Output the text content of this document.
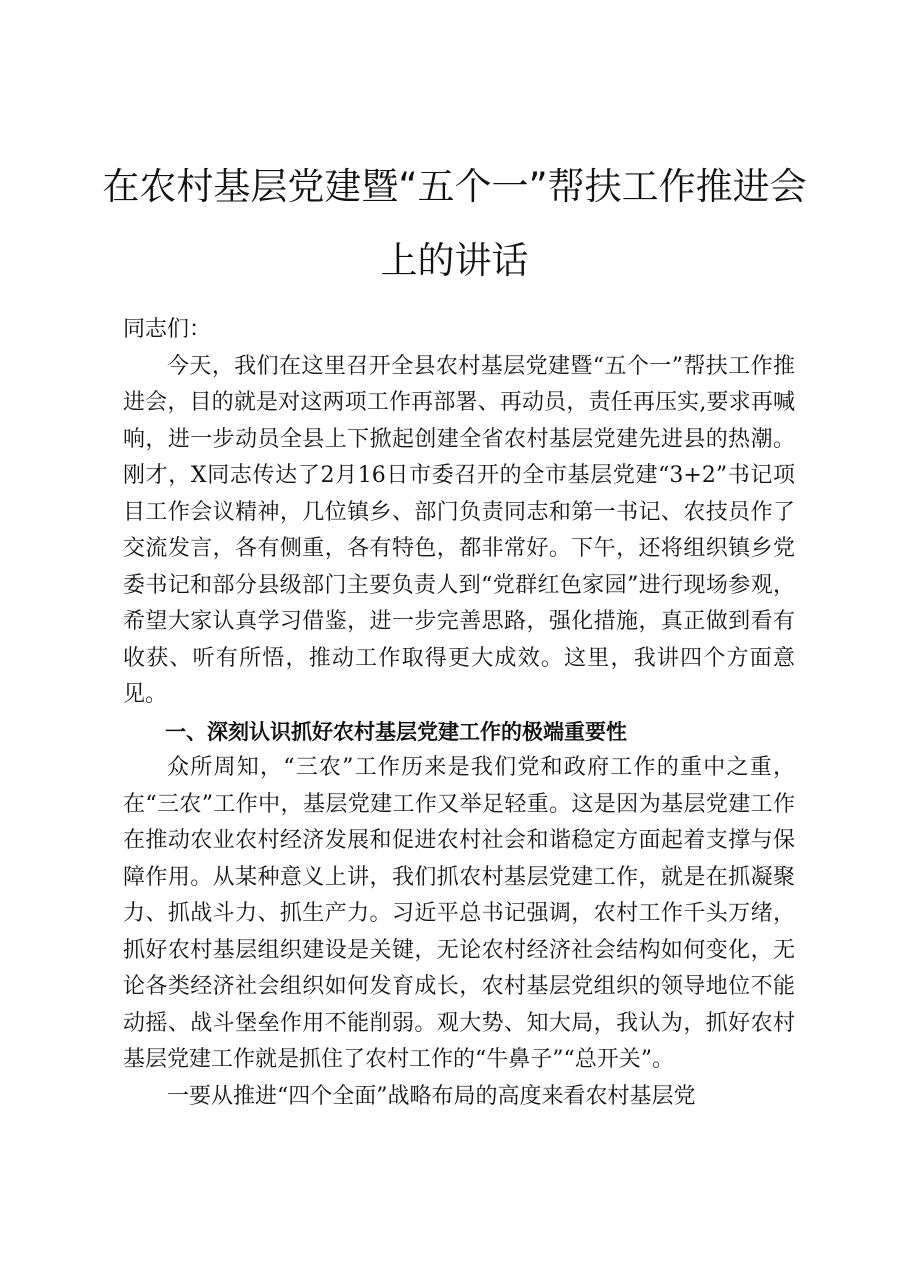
在农村基层党建暨“五个一”帮扶工作推进会
上的讲话

同志们：

今天，我们在这里召开全县农村基层党建暨“五个一”帮扶工作推进会，目的就是对这两项工作再部署、再动员，责任再压实,要求再喊响，进一步动员全县上下掀起创建全省农村基层党建先进县的热潮。刚才，X同志传达了2月16日市委召开的全市基层党建“3+2”书记项目工作会议精神，几位镇乡、部门负责同志和第一书记、农技员作了交流发言，各有侧重，各有特色，都非常好。下午，还将组织镇乡党委书记和部分县级部门主要负责人到“党群红色家园”进行现场参观，希望大家认真学习借鉴，进一步完善思路，强化措施，真正做到看有收获、听有所悟，推动工作取得更大成效。这里，我讲四个方面意见。

一、深刻认识抓好农村基层党建工作的极端重要性

众所周知，“三农”工作历来是我们党和政府工作的重中之重，在“三农”工作中，基层党建工作又举足轻重。这是因为基层党建工作在推动农业农村经济发展和促进农村社会和谐稳定方面起着支撑与保障作用。从某种意义上讲，我们抓农村基层党建工作，就是在抓凝聚力、抓战斗力、抓生产力。习近平总书记强调，农村工作千头万绪，抓好农村基层组织建设是关键，无论农村经济社会结构如何变化，无论各类经济社会组织如何发育成长，农村基层党组织的领导地位不能动摇、战斗堡垒作用不能削弱。观大势、知大局，我认为，抓好农村基层党建工作就是抓住了农村工作的“牛鼻子”“总开关”。

一要从推进“四个全面”战略布局的高度来看农村基层党
